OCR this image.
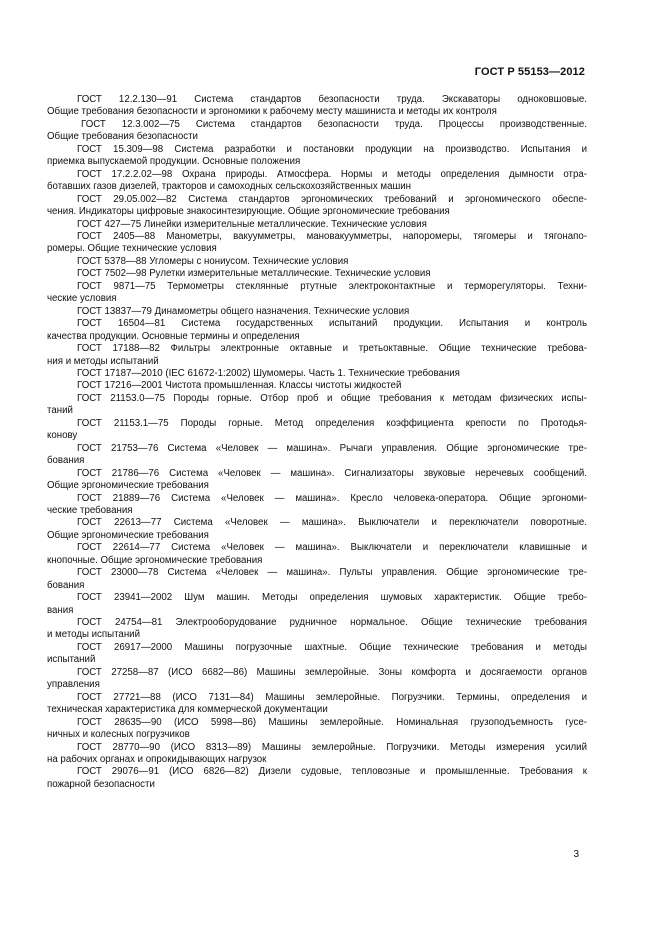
ГОСТ Р 55153—2012
ГОСТ 12.2.130—91 Система стандартов безопасности труда. Экскаваторы одноковшовые.
Общие требования безопасности и эргономики к рабочему месту машиниста и методы их контроля
ГОСТ 12.3.002—75 Система стандартов безопасности труда. Процессы производственные.
Общие требования безопасности
ГОСТ 15.309—98 Система разработки и постановки продукции на производство. Испытания и
приемка выпускаемой продукции. Основные положения
ГОСТ 17.2.2.02—98 Охрана природы. Атмосфера. Нормы и методы определения дымности отра-
ботавших газов дизелей, тракторов и самоходных сельскохозяйственных машин
ГОСТ 29.05.002—82 Система стандартов эргономических требований и эргономического обеспе-
чения. Индикаторы цифровые знакосинтезирующие. Общие эргономические требования
ГОСТ 427—75 Линейки измерительные металлические. Технические условия
ГОСТ 2405—88 Манометры, вакуумметры, мановакуумметры, напоромеры, тягомеры и тягонапо-
ромеры. Общие технические условия
ГОСТ 5378—88 Угломеры с нониусом. Технические условия
ГОСТ 7502—98 Рулетки измерительные металлические. Технические условия
ГОСТ 9871—75 Термометры стеклянные ртутные электроконтактные и терморегуляторы. Техни-
ческие условия
ГОСТ 13837—79 Динамометры общего назначения. Технические условия
ГОСТ 16504—81 Система государственных испытаний продукции. Испытания и контроль
качества продукции. Основные термины и определения
ГОСТ 17188—82 Фильтры электронные октавные и третьоктавные. Общие технические требова-
ния и методы испытаний
ГОСТ 17187—2010 (IEC 61672-1:2002) Шумомеры. Часть 1. Технические требования
ГОСТ 17216—2001 Чистота промышленная. Классы чистоты жидкостей
ГОСТ 21153.0—75 Породы горные. Отбор проб и общие требования к методам физических испы-
таний
ГОСТ 21153.1—75 Породы горные. Метод определения коэффициента крепости по Протодья-
конову
ГОСТ 21753—76 Система «Человек — машина». Рычаги управления. Общие эргономические тре-
бования
ГОСТ 21786—76 Система «Человек — машина». Сигнализаторы звуковые неречевых сообщений.
Общие эргономические требования
ГОСТ 21889—76 Система «Человек — машина». Кресло человека-оператора. Общие эргономи-
ческие требования
ГОСТ 22613—77 Система «Человек — машина». Выключатели и переключатели поворотные.
Общие эргономические требования
ГОСТ 22614—77 Система «Человек — машина». Выключатели и переключатели клавишные и
кнопочные. Общие эргономические требования
ГОСТ 23000—78 Система «Человек — машина». Пульты управления. Общие эргономические тре-
бования
ГОСТ 23941—2002 Шум машин. Методы определения шумовых характеристик. Общие требо-
вания
ГОСТ 24754—81 Электрооборудование рудничное нормальное. Общие технические требования
и методы испытаний
ГОСТ 26917—2000 Машины погрузочные шахтные. Общие технические требования и методы
испытаний
ГОСТ 27258—87 (ИСО 6682—86) Машины землеройные. Зоны комфорта и досягаемости органов
управления
ГОСТ 27721—88 (ИСО 7131—84) Машины землеройные. Погрузчики. Термины, определения и
техническая характеристика для коммерческой документации
ГОСТ 28635—90 (ИСО 5998—86) Машины землеройные. Номинальная грузоподъемность гусе-
ничных и колесных погрузчиков
ГОСТ 28770—90 (ИСО 8313—89) Машины землеройные. Погрузчики. Методы измерения усилий
на рабочих органах и опрокидывающих нагрузок
ГОСТ 29076—91 (ИСО 6826—82) Дизели судовые, тепловозные и промышленные. Требования к
пожарной безопасности
3
